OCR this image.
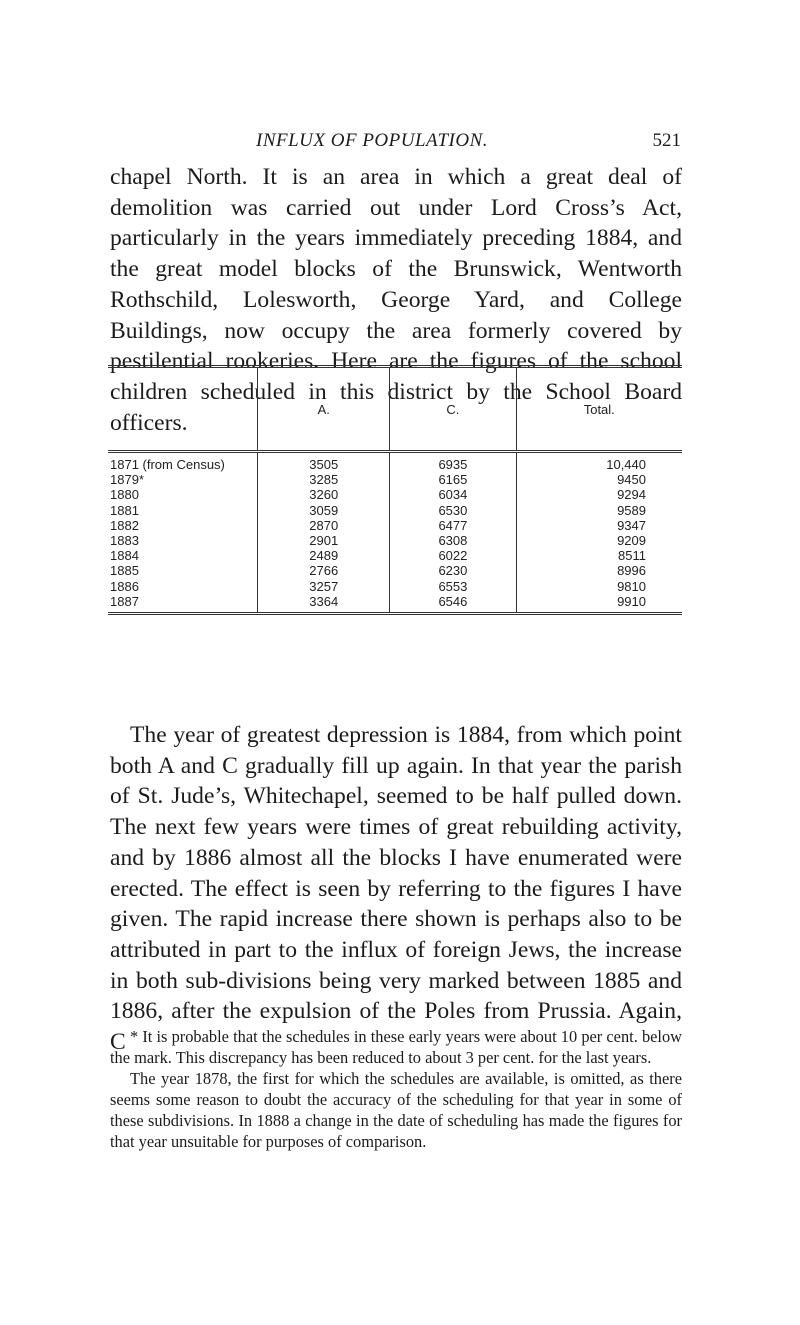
INFLUX OF POPULATION.	521

chapel North. It is an area in which a great deal of demolition was carried out under Lord Cross’s Act, particularly in the years immediately preceding 1884, and the great model blocks of the Brunswick, Wentworth Rothschild, Lolesworth, George Yard, and College Buildings, now occupy the area formerly covered by pestilential rookeries. Here are the figures of the school children scheduled in this district by the School Board officers.

	A.	C.	Total.
1871 (from Census)	3505	6935	10,440
1879*	3285	6165	9450
1880	3260	6034	9294
1881	3059	6530	9589
1882	2870	6477	9347
1883	2901	6308	9209
1884	2489	6022	8511
1885	2766	6230	8996
1886	3257	6553	9810
1887	3364	6546	9910

The year of greatest depression is 1884, from which point both A and C gradually fill up again. In that year the parish of St. Jude’s, Whitechapel, seemed to be half pulled down. The next few years were times of great rebuilding activity, and by 1886 almost all the blocks I have enumerated were erected. The effect is seen by referring to the figures I have given. The rapid increase there shown is perhaps also to be attributed in part to the influx of foreign Jews, the increase in both sub-divisions being very marked between 1885 and 1886, after the expulsion of the Poles from Prussia. Again, C * It is probable that the schedules in these early years were about 10 per cent. below the mark. This discrepancy has been reduced to about 3 per cent. for the last years.

The year 1878, the first for which the schedules are available, is omitted, as there seems some reason to doubt the accuracy of the scheduling for that year in some of these subdivisions. In 1888 a change in the date of scheduling has made the figures for that year unsuitable for purposes of comparison.
